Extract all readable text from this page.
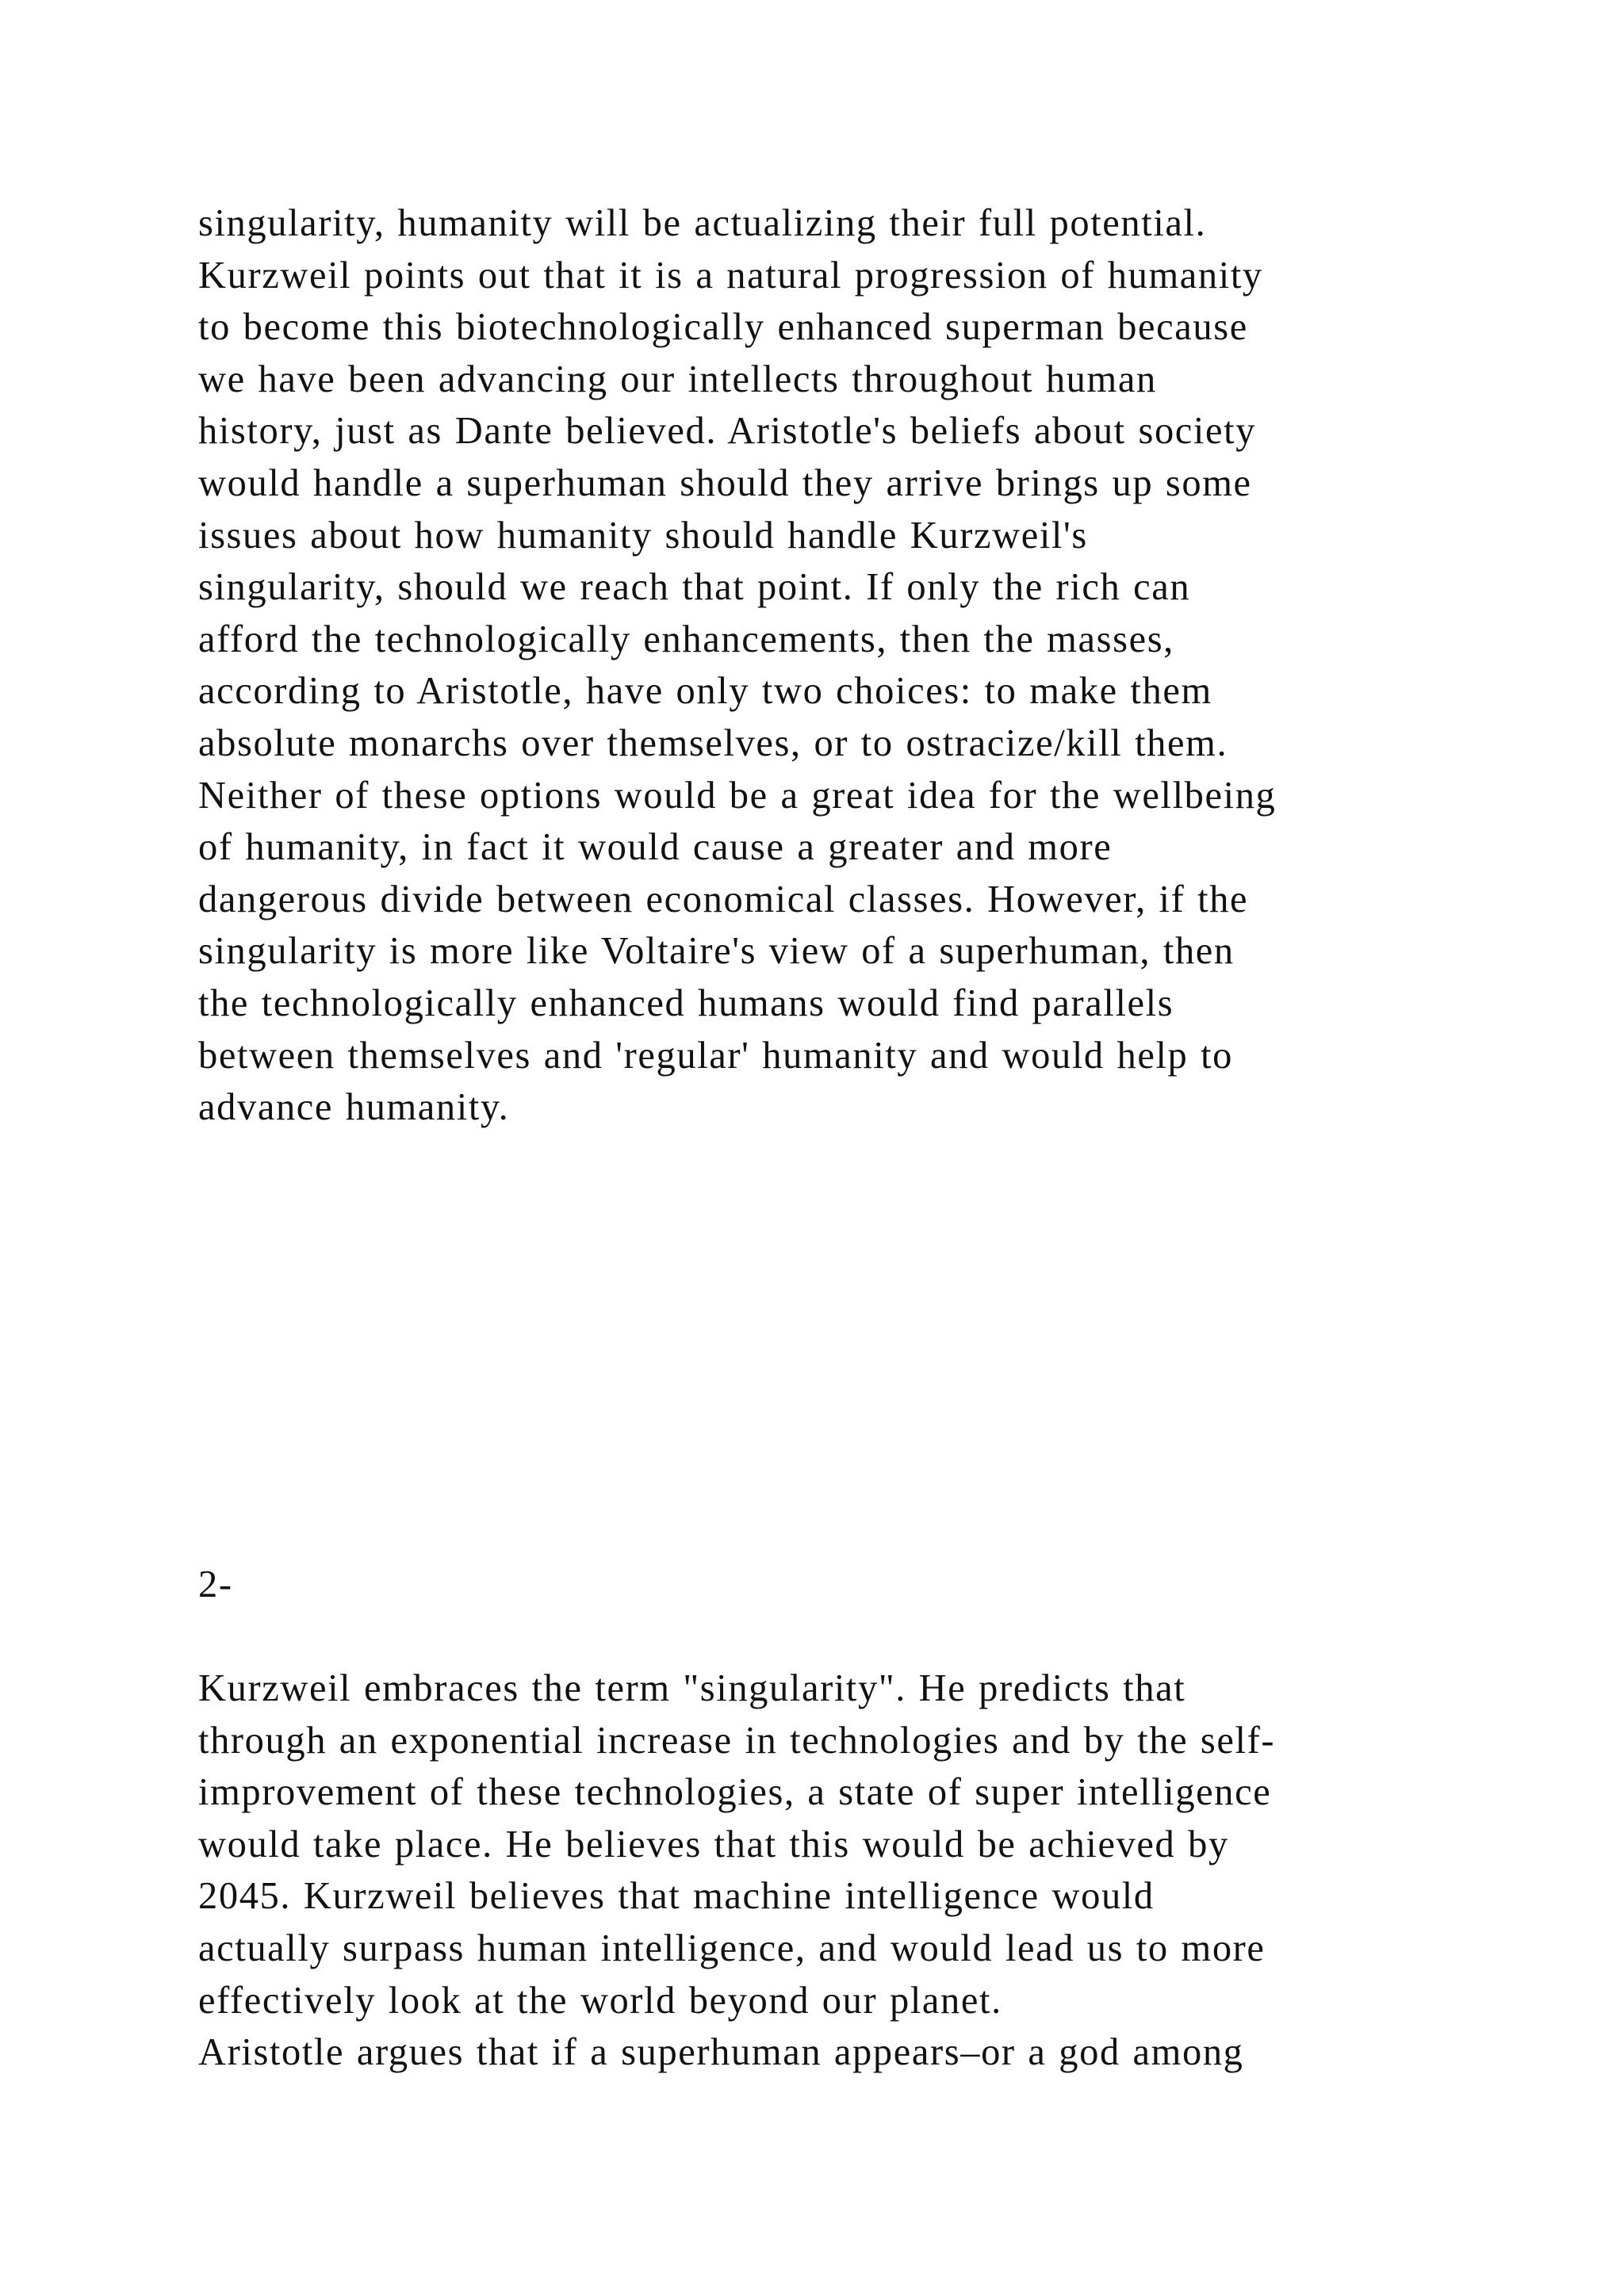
singularity, humanity will be actualizing their full potential.
Kurzweil points out that it is a natural progression of humanity
to become this biotechnologically enhanced superman because
we have been advancing our intellects throughout human
history, just as Dante believed. Aristotle's beliefs about society
would handle a superhuman should they arrive brings up some
issues about how humanity should handle Kurzweil's
singularity, should we reach that point. If only the rich can
afford the technologically enhancements, then the masses,
according to Aristotle, have only two choices: to make them
absolute monarchs over themselves, or to ostracize/kill them.
Neither of these options would be a great idea for the wellbeing
of humanity, in fact it would cause a greater and more
dangerous divide between economical classes. However, if the
singularity is more like Voltaire's view of a superhuman, then
the technologically enhanced humans would find parallels
between themselves and 'regular' humanity and would help to
advance humanity.
2-
Kurzweil embraces the term "singularity". He predicts that
through an exponential increase in technologies and by the self-
improvement of these technologies, a state of super intelligence
would take place. He believes that this would be achieved by
2045. Kurzweil believes that machine intelligence would
actually surpass human intelligence, and would lead us to more
effectively look at the world beyond our planet.
Aristotle argues that if a superhuman appears–or a god among
